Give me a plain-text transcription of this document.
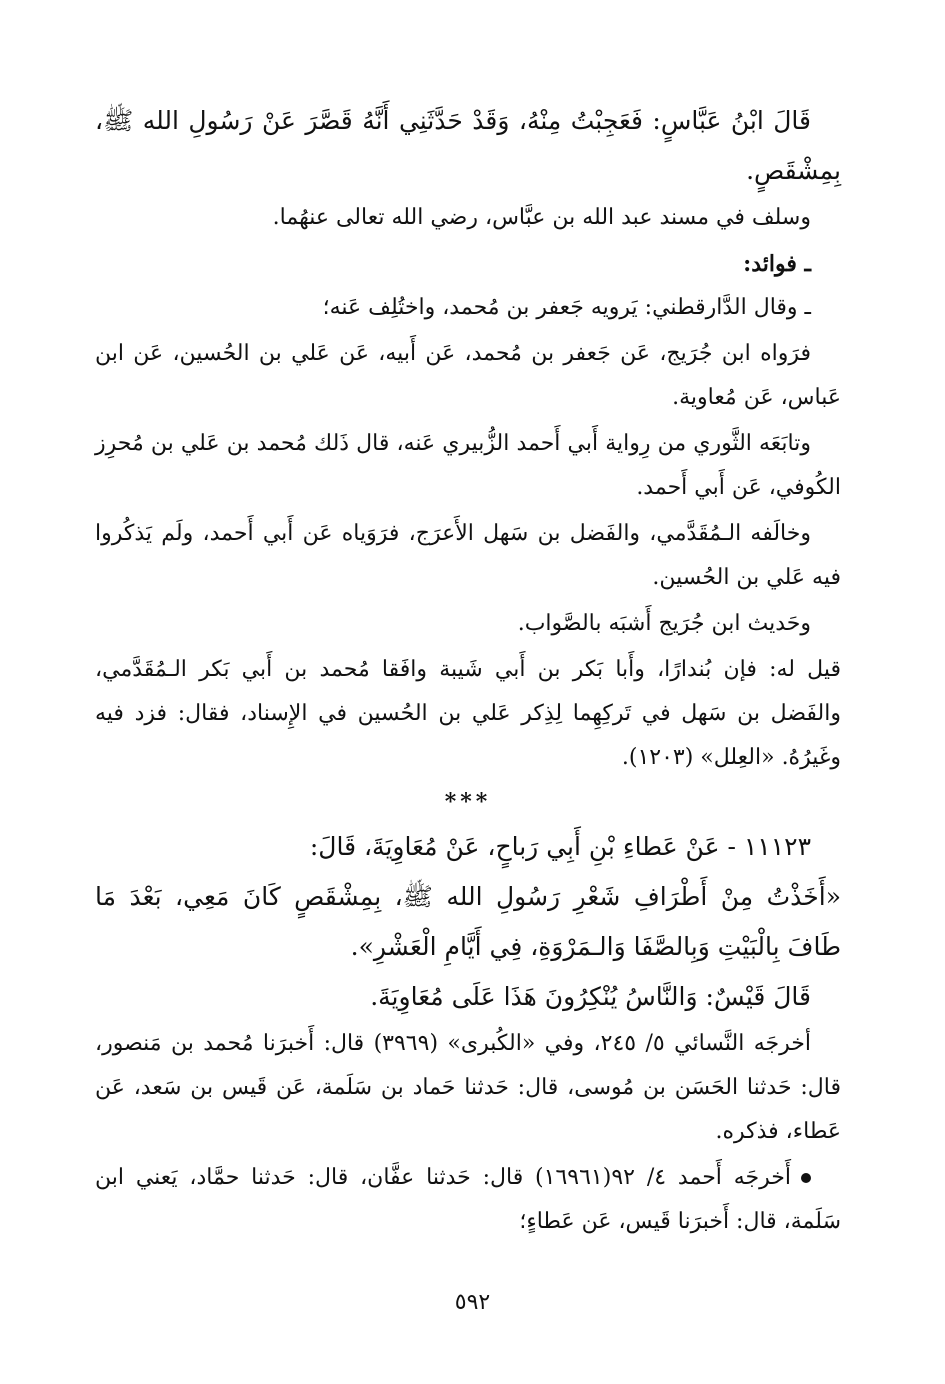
قَالَ ابْنُ عَبَّاسٍ: فَعَجِبْتُ مِنْهُ، وَقَدْ حَدَّثَنِي أَنَّهُ قَصَّرَ عَنْ رَسُولِ الله ﷺ، بِمِشْقَصٍ.

وسلف في مسند عبد الله بن عبَّاس، رضي الله تعالى عنهُما.

ـ فوائد:

ـ وقال الدَّارقطني: يَرويه جَعفر بن مُحمد، واختُلِف عَنه؛

فرَواه ابن جُرَيج، عَن جَعفر بن مُحمد، عَن أَبيه، عَن عَلي بن الحُسين، عَن ابن عَباس، عَن مُعاوية.

وتابَعَه الثَّوري من رِواية أَبي أَحمد الزُّبيري عَنه، قال ذَلك مُحمد بن عَلي بن مُحرِز الكُوفي، عَن أَبي أَحمد.

وخالَفه الـمُقَدَّمي، والفَضل بن سَهل الأَعرَج، فرَوَياه عَن أَبي أَحمد، ولَم يَذكُروا فيه عَلي بن الحُسين.

وحَديث ابن جُرَيج أَشبَه بالصَّواب.

قيل له: فإن بُندارًا، وأَبا بَكر بن أَبي شَيبة وافَقا مُحمد بن أَبي بَكر الـمُقَدَّمي، والفَضل بن سَهل في تَركِهِما لِذِكر عَلي بن الحُسين في الإِسناد، فقال: فزد فيه وغَيرُهُ. «العِلل» (١٢٠٣).

***

١١١٢٣ - عَنْ عَطاءِ بْنِ أَبِي رَباحٍ، عَنْ مُعَاوِيَةَ، قَالَ:

«أَخَذْتُ مِنْ أَطْرَافِ شَعْرِ رَسُولِ الله ﷺ، بِمِشْقَصٍ كَانَ مَعِي، بَعْدَ مَا طَافَ بِالْبَيْتِ وَبِالصَّفَا وَالـمَرْوَةِ، فِي أَيَّامِ الْعَشْرِ».

قَالَ قَيْسٌ: وَالنَّاسُ يُنْكِرُونَ هَذَا عَلَى مُعَاوِيَةَ.

أخرجَه النَّسائي ٥/ ٢٤٥، وفي «الكُبرى» (٣٩٦٩) قال: أَخبرَنا مُحمد بن مَنصور، قال: حَدثنا الحَسَن بن مُوسى، قال: حَدثنا حَماد بن سَلَمة، عَن قَيس بن سَعد، عَن عَطاء، فذكره.

أَخرجَه أَحمد ٤/ ٩٢(١٦٩٦١) قال: حَدثنا عفَّان، قال: حَدثنا حمَّاد، يَعني ابن سَلَمة، قال: أَخبرَنا قَيس، عَن عَطاءٍ؛

٥٩٢
